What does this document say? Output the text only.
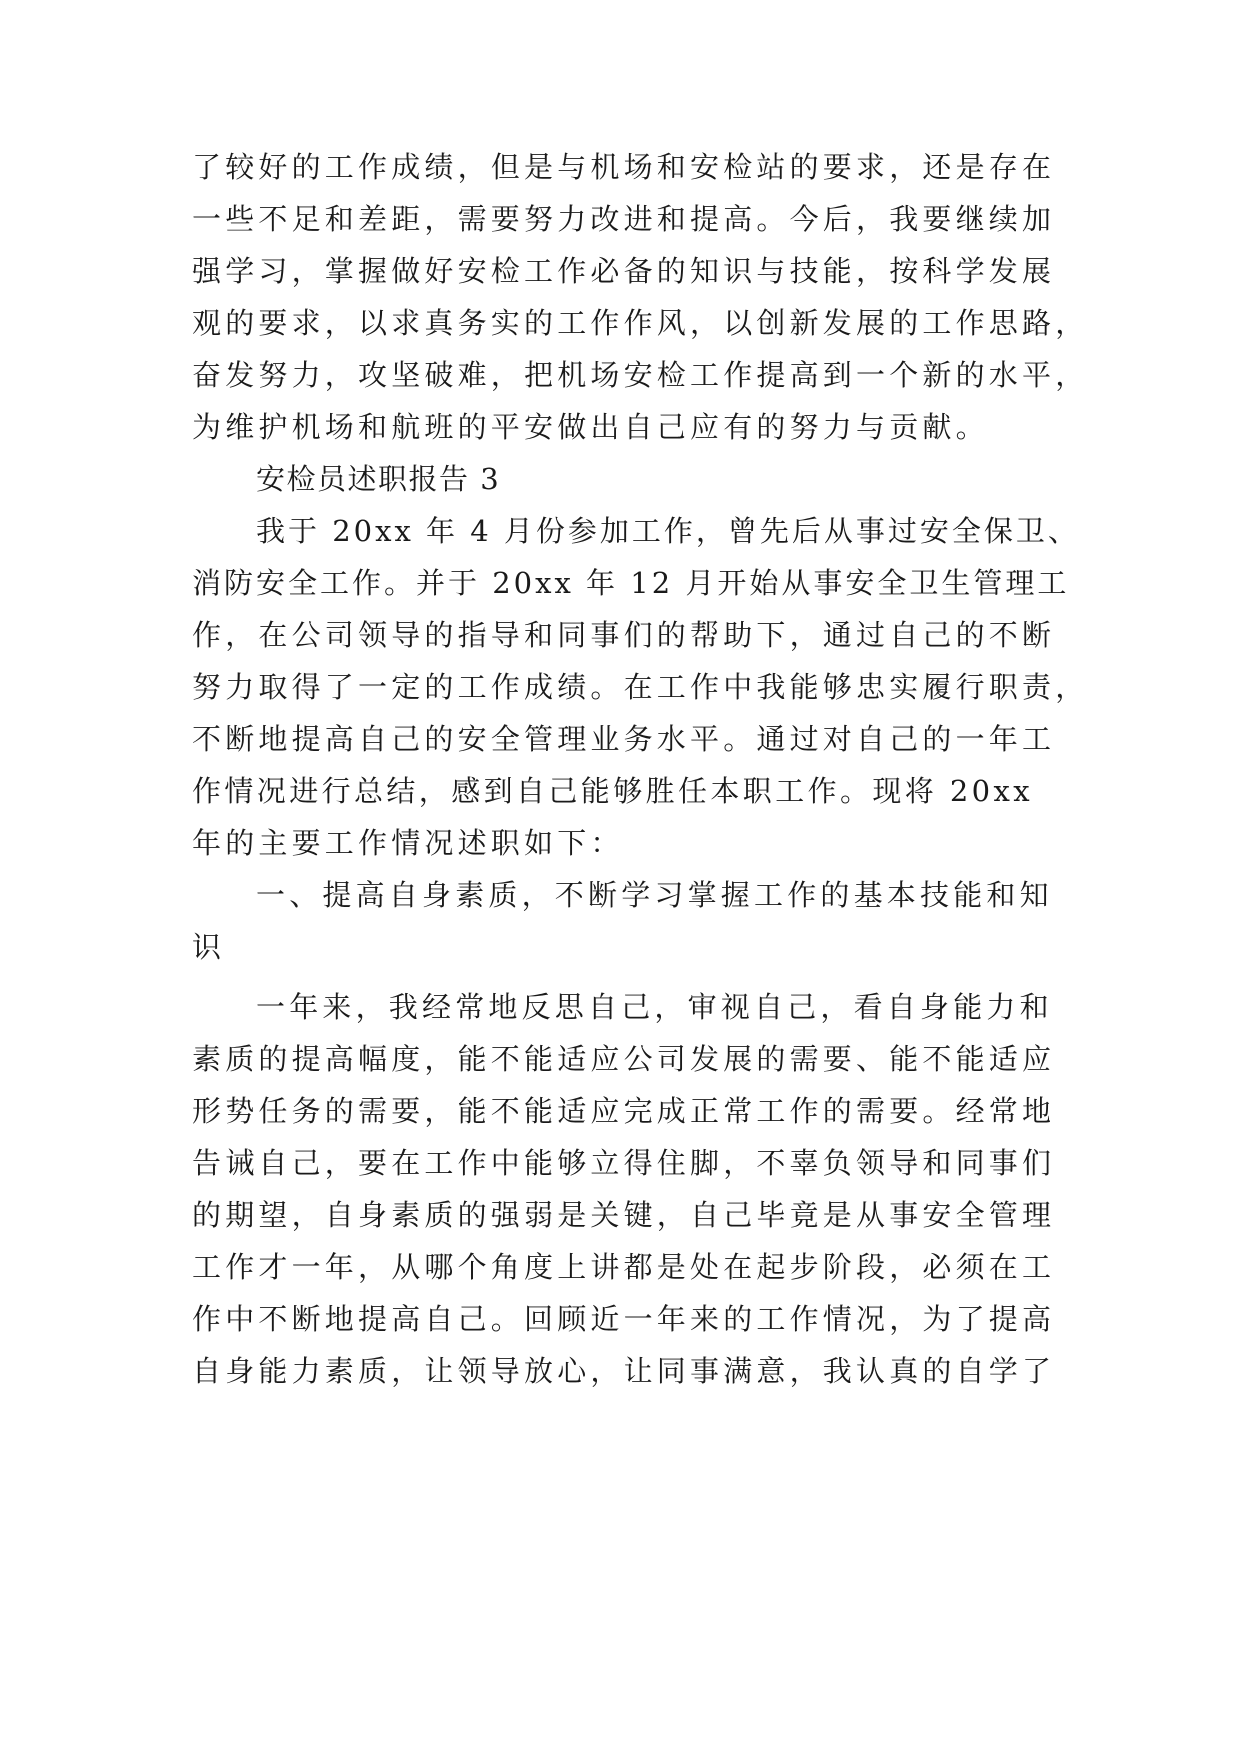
了较好的工作成绩，但是与机场和安检站的要求，还是存在
一些不足和差距，需要努力改进和提高。今后，我要继续加
强学习，掌握做好安检工作必备的知识与技能，按科学发展
观的要求，以求真务实的工作作风，以创新发展的工作思路，
奋发努力，攻坚破难，把机场安检工作提高到一个新的水平，
为维护机场和航班的平安做出自己应有的努力与贡献。
安检员述职报告 3
我于 20xx 年 4 月份参加工作，曾先后从事过安全保卫、
消防安全工作。并于 20xx 年 12 月开始从事安全卫生管理工
作，在公司领导的指导和同事们的帮助下，通过自己的不断
努力取得了一定的工作成绩。在工作中我能够忠实履行职责，
不断地提高自己的安全管理业务水平。通过对自己的一年工
作情况进行总结，感到自己能够胜任本职工作。现将 20xx
年的主要工作情况述职如下：
一、提高自身素质，不断学习掌握工作的基本技能和知
识
一年来，我经常地反思自己，审视自己，看自身能力和
素质的提高幅度，能不能适应公司发展的需要、能不能适应
形势任务的需要，能不能适应完成正常工作的需要。经常地
告诫自己，要在工作中能够立得住脚，不辜负领导和同事们
的期望，自身素质的强弱是关键，自己毕竟是从事安全管理
工作才一年，从哪个角度上讲都是处在起步阶段，必须在工
作中不断地提高自己。回顾近一年来的工作情况，为了提高
自身能力素质，让领导放心，让同事满意，我认真的自学了
